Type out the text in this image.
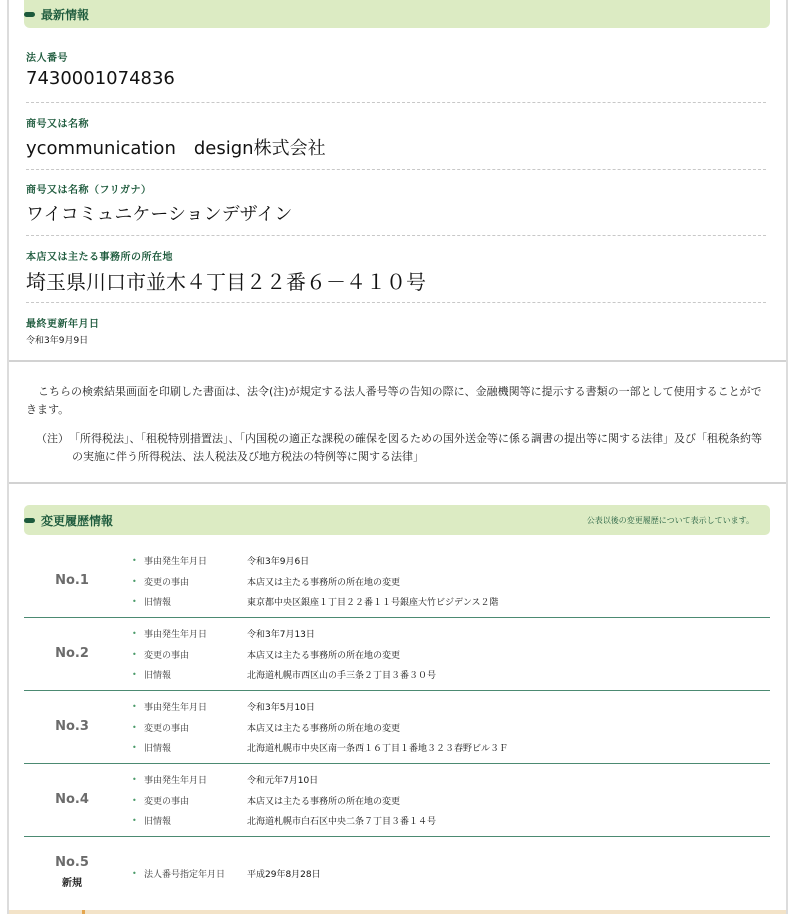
最新情報
法人番号
7430001074836
商号又は名称
ycommunication　design株式会社
商号又は名称（フリガナ）
ワイコミュニケーションデザイン
本店又は主たる事務所の所在地
埼玉県川口市並木４丁目２２番６－４１０号
最終更新年月日
令和3年9月9日
こちらの検索結果画面を印刷した書面は、法令(注)が規定する法人番号等の告知の際に、金融機関等に提示する書類の一部として使用することができます。
（注）　 「所得税法」、「租税特別措置法」、「内国税の適正な課税の確保を図るための国外送金等に係る調書の提出等に関する法律」及び「租税条約等の実施に伴う所得税法、法人税法及び地方税法の特例等に関する法律」
変更履歴情報	公表以後の変更履歴について表示しています。
No.1
• 事由発生年月日	令和3年9月6日
• 変更の事由	本店又は主たる事務所の所在地の変更
• 旧情報	東京都中央区銀座１丁目２２番１１号銀座大竹ビジデンス２階
No.2
• 事由発生年月日	令和3年7月13日
• 変更の事由	本店又は主たる事務所の所在地の変更
• 旧情報	北海道札幌市西区山の手三条２丁目３番３０号
No.3
• 事由発生年月日	令和3年5月10日
• 変更の事由	本店又は主たる事務所の所在地の変更
• 旧情報	北海道札幌市中央区南一条西１６丁目１番地３２３春野ビル３Ｆ
No.4
• 事由発生年月日	令和元年7月10日
• 変更の事由	本店又は主たる事務所の所在地の変更
• 旧情報	北海道札幌市白石区中央二条７丁目３番１４号
No.5
新規
• 法人番号指定年月日	平成29年8月28日
